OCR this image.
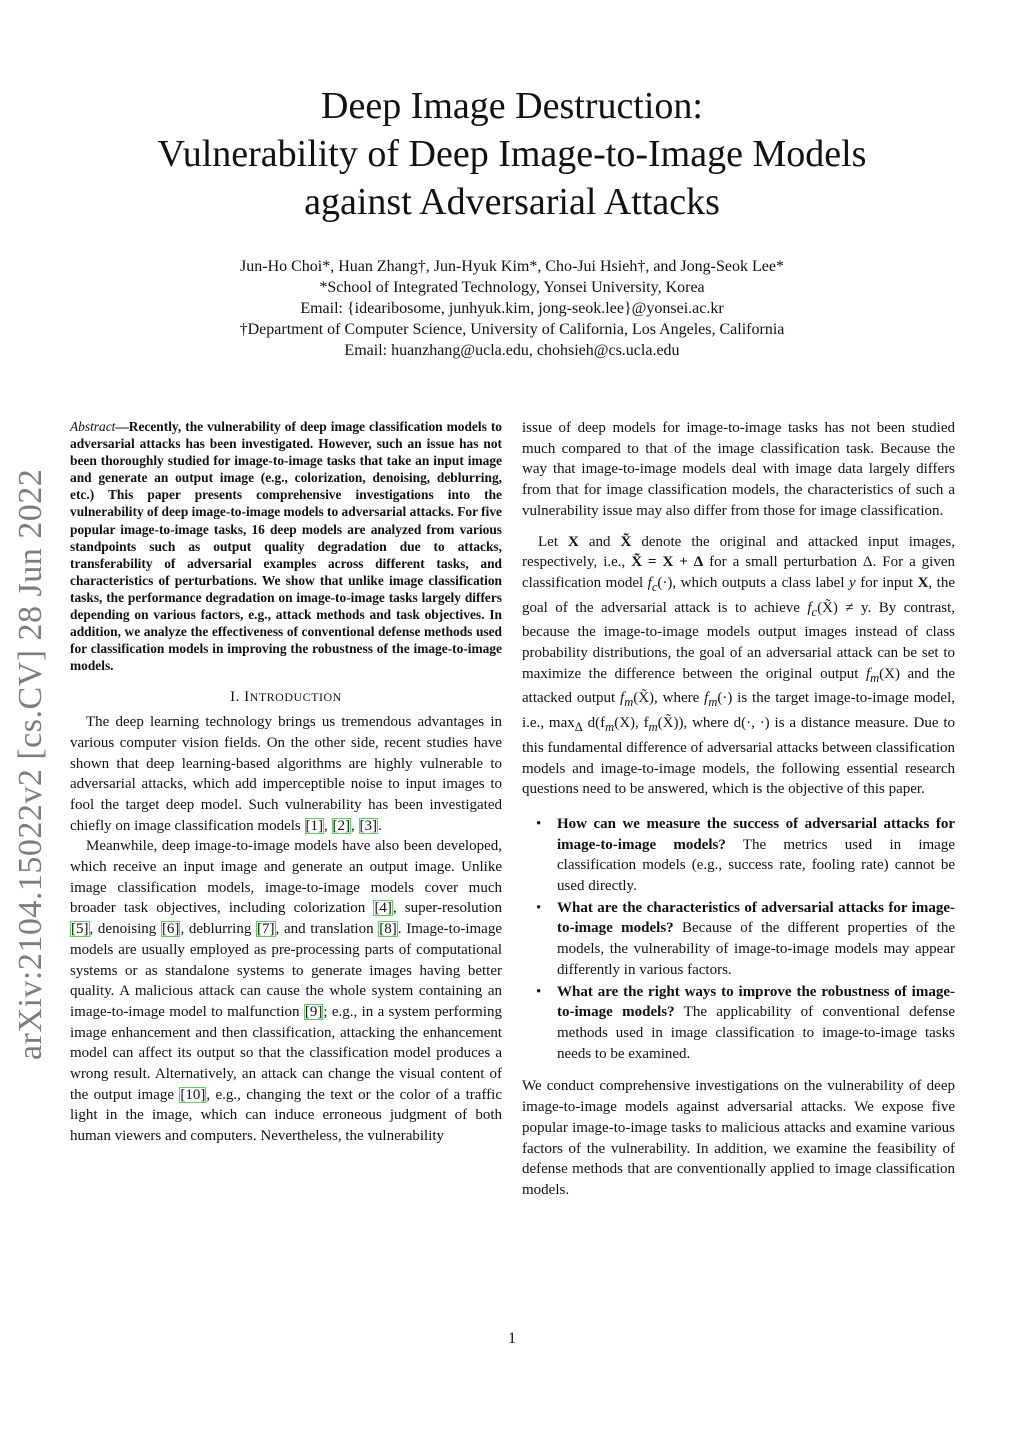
Deep Image Destruction:
Vulnerability of Deep Image-to-Image Models
against Adversarial Attacks
Jun-Ho Choi*, Huan Zhang†, Jun-Hyuk Kim*, Cho-Jui Hsieh†, and Jong-Seok Lee*
*School of Integrated Technology, Yonsei University, Korea
Email: {idearibosome, junhyuk.kim, jong-seok.lee}@yonsei.ac.kr
†Department of Computer Science, University of California, Los Angeles, California
Email: huanzhang@ucla.edu, chohsieh@cs.ucla.edu
arXiv:2104.15022v2 [cs.CV] 28 Jun 2022
Abstract—Recently, the vulnerability of deep image classification models to adversarial attacks has been investigated. However, such an issue has not been thoroughly studied for image-to-image tasks that take an input image and generate an output image (e.g., colorization, denoising, deblurring, etc.) This paper presents comprehensive investigations into the vulnerability of deep image-to-image models to adversarial attacks. For five popular image-to-image tasks, 16 deep models are analyzed from various standpoints such as output quality degradation due to attacks, transferability of adversarial examples across different tasks, and characteristics of perturbations. We show that unlike image classification tasks, the performance degradation on image-to-image tasks largely differs depending on various factors, e.g., attack methods and task objectives. In addition, we analyze the effectiveness of conventional defense methods used for classification models in improving the robustness of the image-to-image models.
I. INTRODUCTION

The deep learning technology brings us tremendous advantages in various computer vision fields. On the other side, recent studies have shown that deep learning-based algorithms are highly vulnerable to adversarial attacks, which add imperceptible noise to input images to fool the target deep model. Such vulnerability has been investigated chiefly on image classification models [1], [2], [3].

Meanwhile, deep image-to-image models have also been developed, which receive an input image and generate an output image. Unlike image classification models, image-to-image models cover much broader task objectives, including colorization [4], super-resolution [5], denoising [6], deblurring [7], and translation [8]. Image-to-image models are usually employed as pre-processing parts of computational systems or as standalone systems to generate images having better quality. A malicious attack can cause the whole system containing an image-to-image model to malfunction [9]; e.g., in a system performing image enhancement and then classification, attacking the enhancement model can affect its output so that the classification model produces a wrong result. Alternatively, an attack can change the visual content of the output image [10], e.g., changing the text or the color of a traffic light in the image, which can induce erroneous judgment of both human viewers and computers. Nevertheless, the vulnerability

issue of deep models for image-to-image tasks has not been studied much compared to that of the image classification task. Because the way that image-to-image models deal with image data largely differs from that for image classification models, the characteristics of such a vulnerability issue may also differ from those for image classification.

Let X and X̃ denote the original and attacked input images, respectively, i.e., X̃ = X + Δ for a small perturbation Δ. For a given classification model $f_c(\cdot)$, which outputs a class label y for input X, the goal of the adversarial attack is to achieve $f_c(X̃) \ne y$. By contrast, because the image-to-image models output images instead of class probability distributions, the goal of an adversarial attack can be set to maximize the difference between the original output $f_m(X)$ and the attacked output $f_m(X̃)$, where $f_m(\cdot)$ is the target image-to-image model, i.e., $\max_\Delta d(f_m(X)$, $f_m(X̃)$), where d(·, ·) is a distance measure. Due to this fundamental difference of adversarial attacks between classification models and image-to-image models, the following essential research questions need to be answered, which is the objective of this paper.

• How can we measure the success of adversarial attacks for image-to-image models? The metrics used in image classification models (e.g., success rate, fooling rate) cannot be used directly.
• What are the characteristics of adversarial attacks for image-to-image models? Because of the different properties of the models, the vulnerability of image-to-image models may appear differently in various factors.
• What are the right ways to improve the robustness of image-to-image models? The applicability of conventional defense methods used in image classification to image-to-image tasks needs to be examined.

We conduct comprehensive investigations on the vulnerability of deep image-to-image models against adversarial attacks. We expose five popular image-to-image tasks to malicious attacks and examine various factors of the vulnerability. In addition, we examine the feasibility of defense methods that are conventionally applied to image classification models.

1
